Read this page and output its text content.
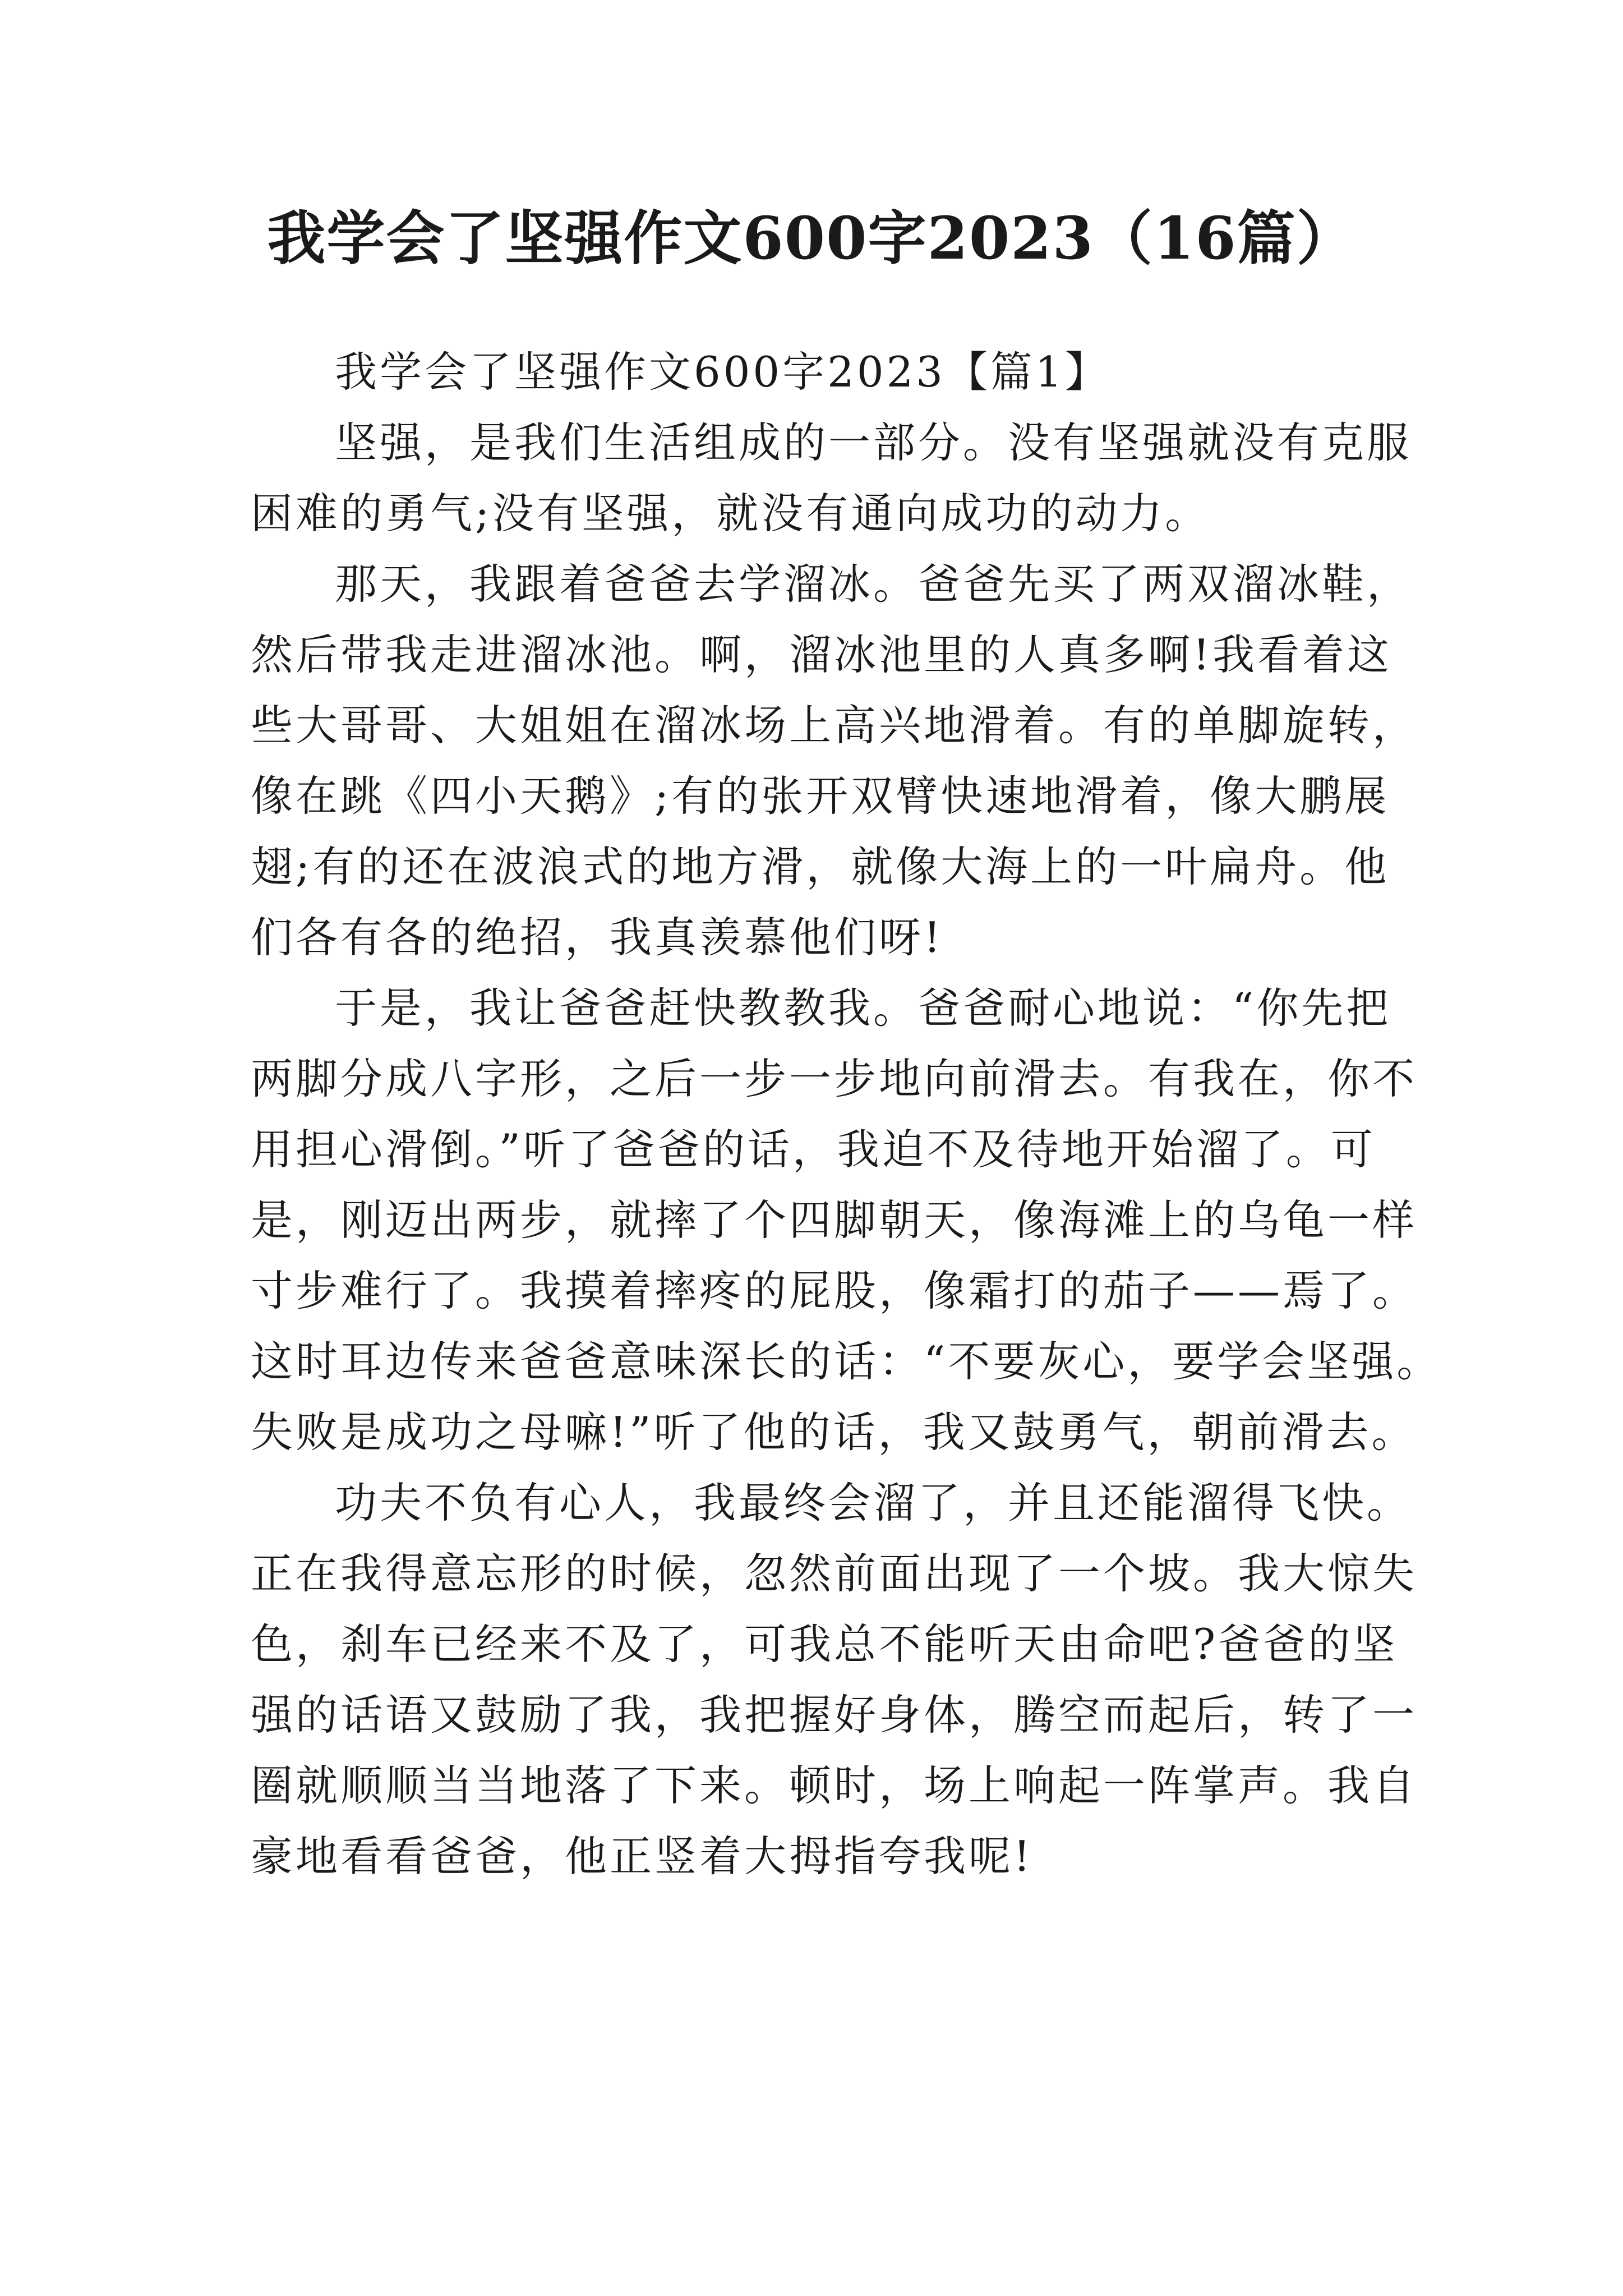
我学会了坚强作文600字2023（16篇）
我学会了坚强作文600字2023【篇1】
坚强，是我们生活组成的一部分。没有坚强就没有克服
困难的勇气;没有坚强，就没有通向成功的动力。
那天，我跟着爸爸去学溜冰。爸爸先买了两双溜冰鞋，
然后带我走进溜冰池。啊，溜冰池里的人真多啊!我看着这
些大哥哥、大姐姐在溜冰场上高兴地滑着。有的单脚旋转，
像在跳《四小天鹅》;有的张开双臂快速地滑着，像大鹏展
翅;有的还在波浪式的地方滑，就像大海上的一叶扁舟。他
们各有各的绝招，我真羡慕他们呀!
于是，我让爸爸赶快教教我。爸爸耐心地说：“你先把
两脚分成八字形，之后一步一步地向前滑去。有我在，你不
用担心滑倒。”听了爸爸的话，我迫不及待地开始溜了。可
是，刚迈出两步，就摔了个四脚朝天，像海滩上的乌龟一样
寸步难行了。我摸着摔疼的屁股，像霜打的茄子——焉了。
这时耳边传来爸爸意味深长的话：“不要灰心，要学会坚强。
失败是成功之母嘛!”听了他的话，我又鼓勇气，朝前滑去。
功夫不负有心人，我最终会溜了，并且还能溜得飞快。
正在我得意忘形的时候，忽然前面出现了一个坡。我大惊失
色，刹车已经来不及了，可我总不能听天由命吧?爸爸的坚
强的话语又鼓励了我，我把握好身体，腾空而起后，转了一
圈就顺顺当当地落了下来。顿时，场上响起一阵掌声。我自
豪地看看爸爸，他正竖着大拇指夸我呢!
